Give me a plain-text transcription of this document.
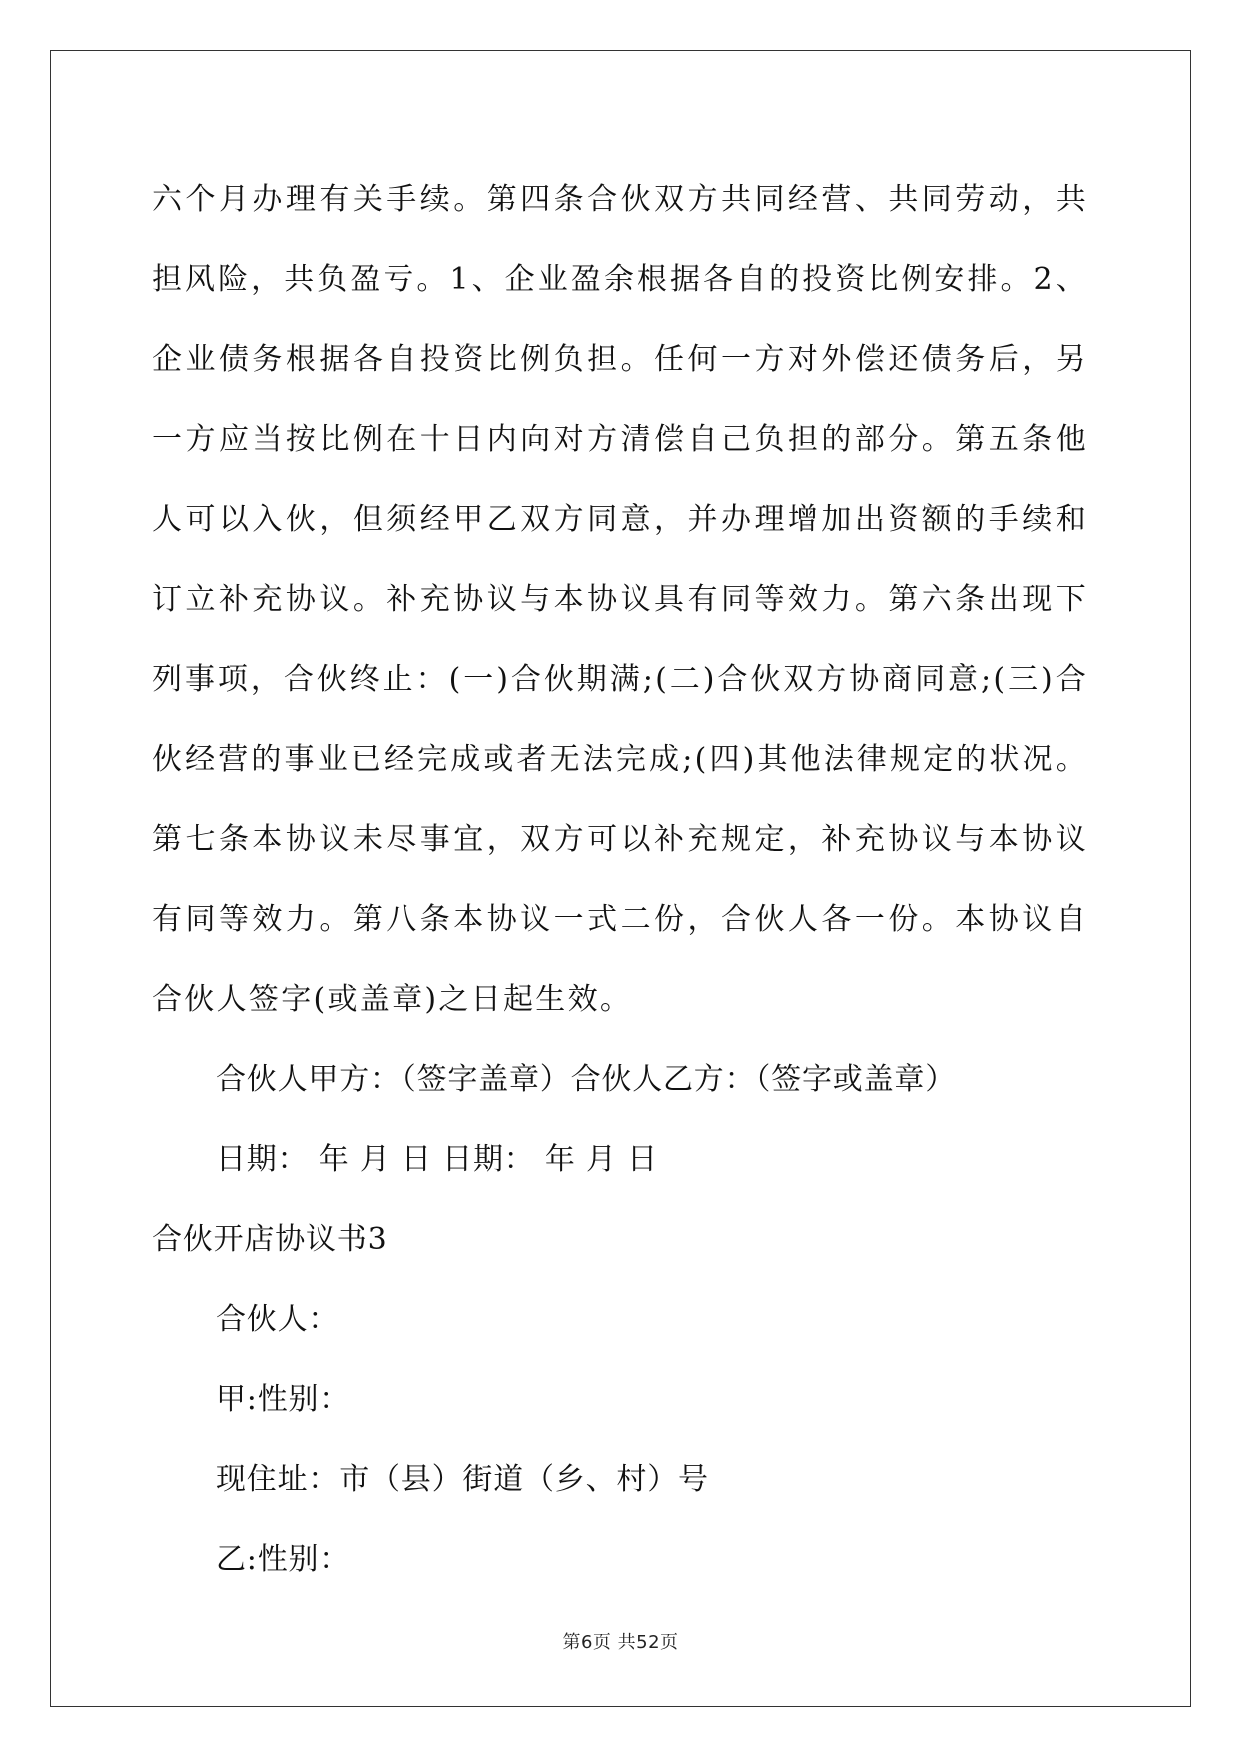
六个月办理有关手续。第四条合伙双方共同经营、共同劳动，共担风险，共负盈亏。1、企业盈余根据各自的投资比例安排。2、企业债务根据各自投资比例负担。任何一方对外偿还债务后，另一方应当按比例在十日内向对方清偿自己负担的部分。第五条他人可以入伙，但须经甲乙双方同意，并办理增加出资额的手续和订立补充协议。补充协议与本协议具有同等效力。第六条出现下列事项，合伙终止：(一)合伙期满;(二)合伙双方协商同意;(三)合伙经营的事业已经完成或者无法完成;(四)其他法律规定的状况。第七条本协议未尽事宜，双方可以补充规定，补充协议与本协议有同等效力。第八条本协议一式二份，合伙人各一份。本协议自合伙人签字(或盖章)之日起生效。

合伙人甲方：（签字盖章）合伙人乙方：（签字或盖章）

日期： 年 月 日 日期： 年 月 日

合伙开店协议书3

合伙人：

甲:性别：

现住址：市（县）街道（乡、村）号

乙:性别：

第6页 共52页
